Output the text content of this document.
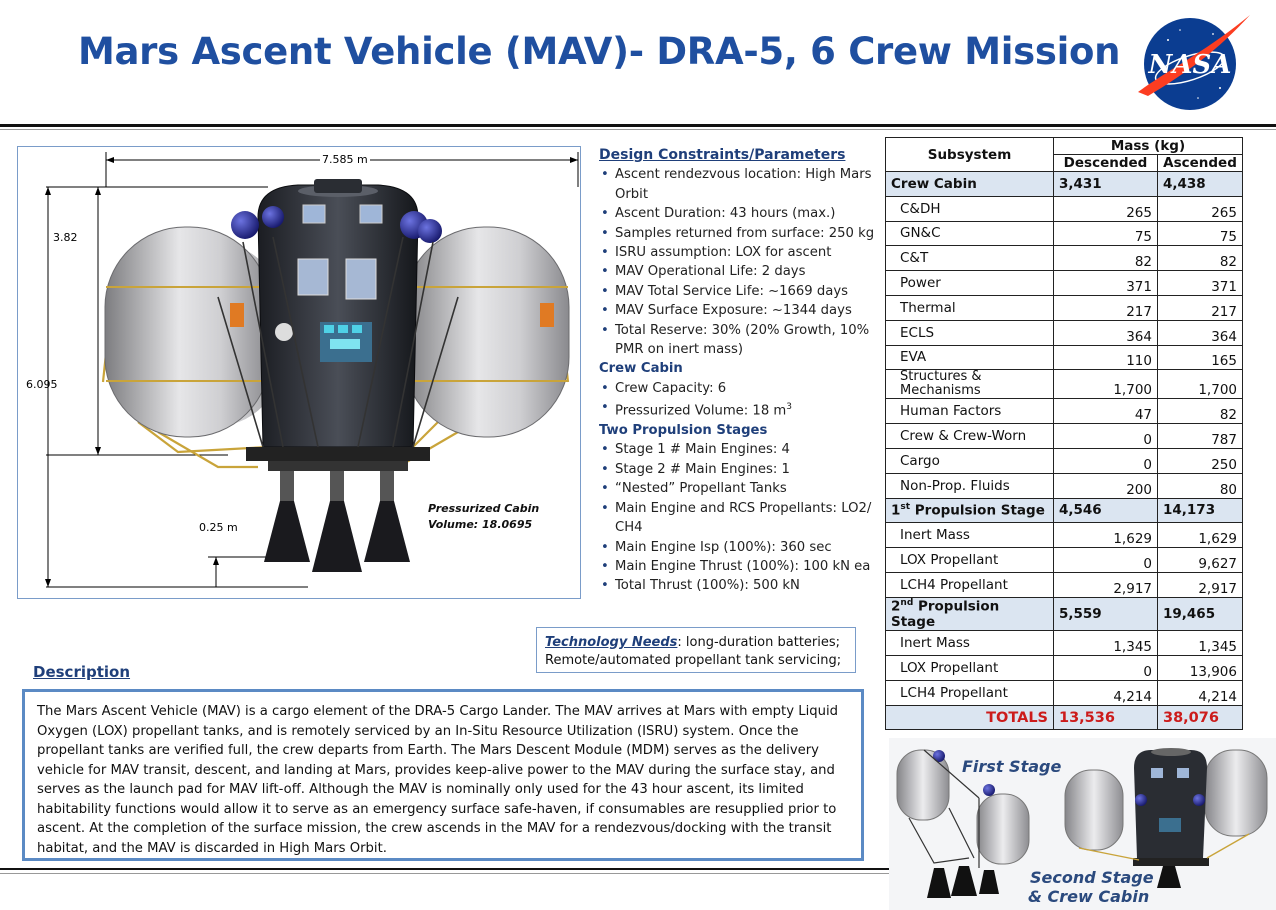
Mars Ascent Vehicle (MAV)- DRA-5, 6 Crew Mission NASA
7.585 m
3.82
6.095
0.25 m
Pressurized Cabin
Volume: 18.0695
Design Constraints/Parameters
• Ascent rendezvous location: High Mars Orbit
• Ascent Duration: 43 hours (max.)
• Samples returned from surface: 250 kg
• ISRU assumption: LOX for ascent
• MAV Operational Life: 2 days
• MAV Total Service Life: ~1669 days
• MAV Surface Exposure: ~1344 days
• Total Reserve: 30% (20% Growth, 10% PMR on inert mass)
Crew Cabin
• Crew Capacity: 6
• Pressurized Volume: 18 $m^3$
Two Propulsion Stages
• Stage 1 # Main Engines: 4
• Stage 2 # Main Engines: 1
• “Nested” Propellant Tanks
• Main Engine and RCS Propellants: LO2/ CH4
• Main Engine Isp (100%): 360 sec
• Main Engine Thrust (100%): 100 kN ea
• Total Thrust (100%): 500 kN
Technology Needs: long-duration batteries; Remote/automated propellant tank servicing;
Description
The Mars Ascent Vehicle (MAV) is a cargo element of the DRA-5 Cargo Lander. The MAV arrives at Mars with empty Liquid Oxygen (LOX) propellant tanks, and is remotely serviced by an In-Situ Resource Utilization (ISRU) system. Once the propellant tanks are verified full, the crew departs from Earth. The Mars Descent Module (MDM) serves as the delivery vehicle for MAV transit, descent, and landing at Mars, provides keep-alive power to the MAV during the surface stay, and serves as the launch pad for MAV lift-off. Although the MAV is nominally only used for the 43 hour ascent, its limited habitability functions would allow it to serve as an emergency surface safe-haven, if consumables are resupplied prior to ascent. At the completion of the surface mission, the crew ascends in the MAV for a rendezvous/docking with the transit habitat, and the MAV is discarded in High Mars Orbit.
Subsystem	Mass (kg)	
	Descended	Ascended
Crew Cabin	3,431	4,438
C&DH	265	265
GN&C	75	75
C&T	82	82
Power	371	371
Thermal	217	217
ECLS	364	364
EVA	110	165
Structures & Mechanisms	1,700	1,700
Human Factors	47	82
Crew & Crew-Worn	0	787
Cargo	0	250
Non-Prop. Fluids	200	80
1st Propulsion Stage	4,546	14,173
Inert Mass	1,629	1,629
LOX Propellant	0	9,627
LCH4 Propellant	2,917	2,917
2nd Propulsion Stage	5,559	19,465
Inert Mass	1,345	1,345
LOX Propellant	0	13,906
LCH4 Propellant	4,214	4,214
TOTALS	13,536	38,076
First Stage
Second Stage
& Crew Cabin
